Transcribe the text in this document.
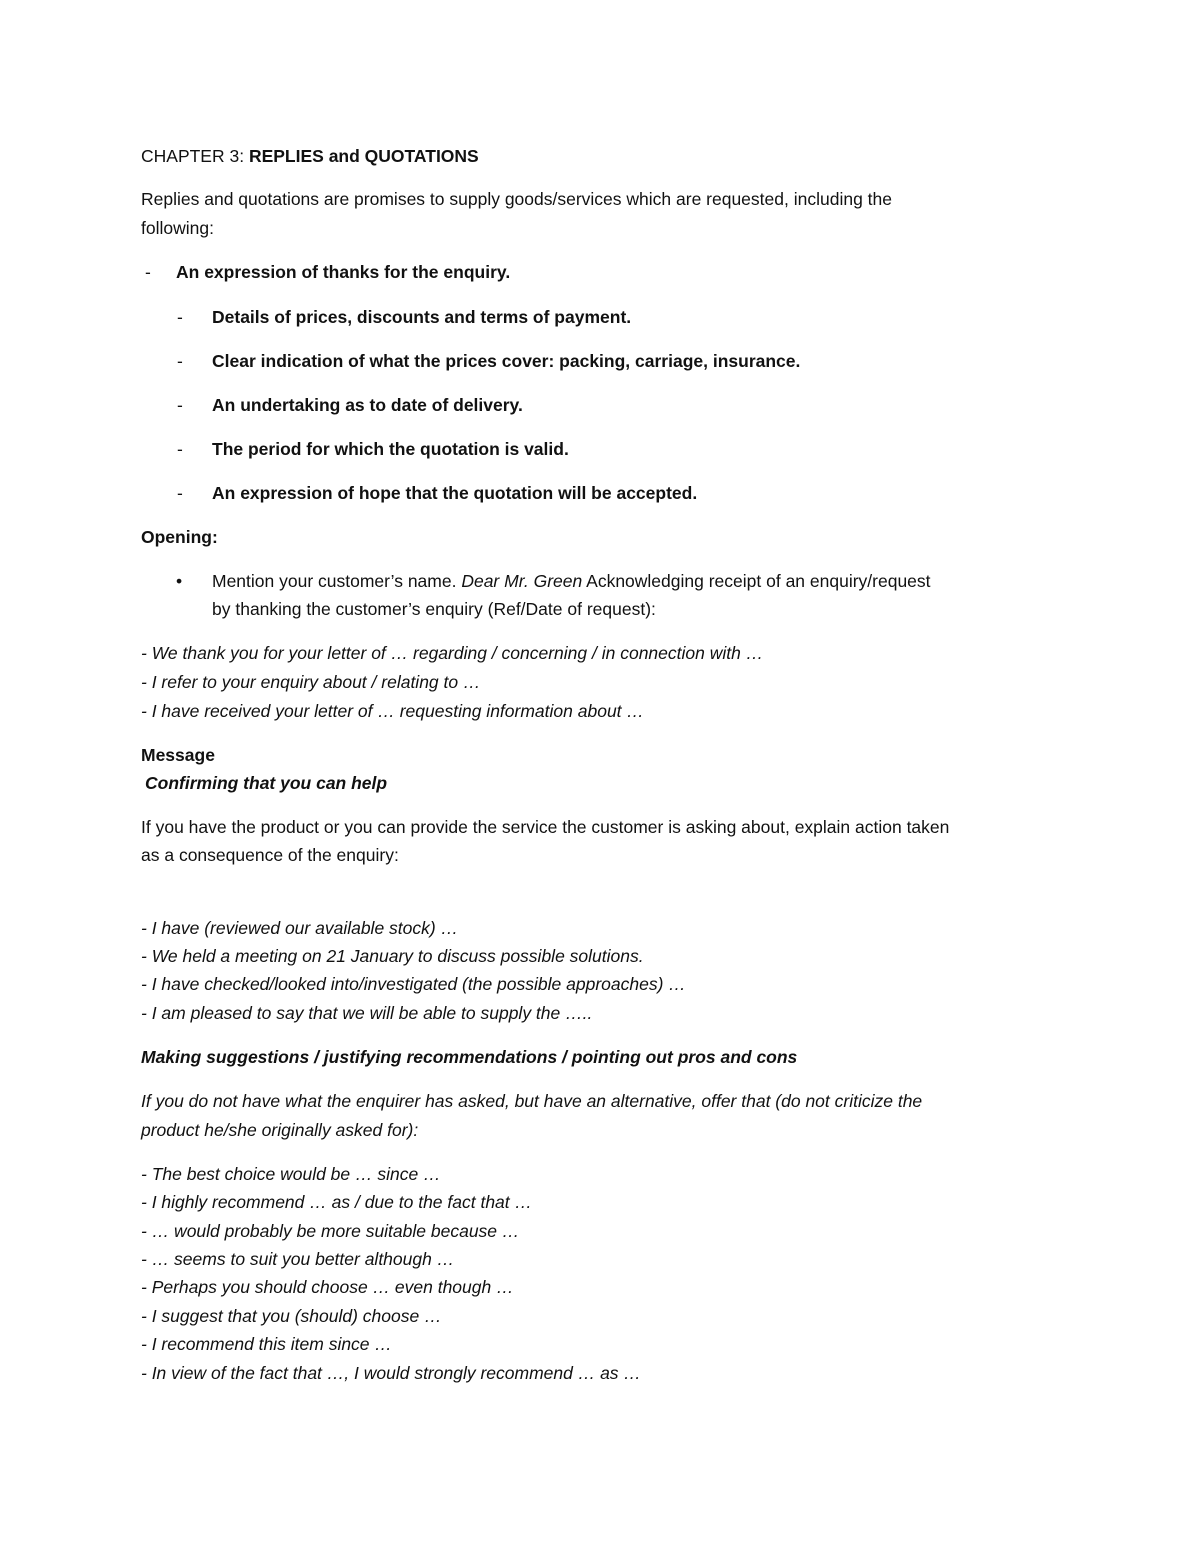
CHAPTER 3: REPLIES and QUOTATIONS
Replies and quotations are promises to supply goods/services which are requested, including the
following:
- An expression of thanks for the enquiry.
- Details of prices, discounts and terms of payment.
- Clear indication of what the prices cover: packing, carriage, insurance.
- An undertaking as to date of delivery.
- The period for which the quotation is valid.
- An expression of hope that the quotation will be accepted.
Opening:
• Mention your customer’s name. Dear Mr. Green Acknowledging receipt of an enquiry/request
by thanking the customer’s enquiry (Ref/Date of request):
- We thank you for your letter of … regarding / concerning / in connection with …
- I refer to your enquiry about / relating to …
- I have received your letter of … requesting information about …
Message
Confirming that you can help
If you have the product or you can provide the service the customer is asking about, explain action taken
as a consequence of the enquiry:
- I have (reviewed our available stock) …
- We held a meeting on 21 January to discuss possible solutions.
- I have checked/looked into/investigated (the possible approaches) …
- I am pleased to say that we will be able to supply the …..
Making suggestions / justifying recommendations / pointing out pros and cons
If you do not have what the enquirer has asked, but have an alternative, offer that (do not criticize the
product he/she originally asked for):
- The best choice would be … since …
- I highly recommend … as / due to the fact that …
- … would probably be more suitable because …
- … seems to suit you better although …
- Perhaps you should choose … even though …
- I suggest that you (should) choose …
- I recommend this item since …
- In view of the fact that …, I would strongly recommend … as …
